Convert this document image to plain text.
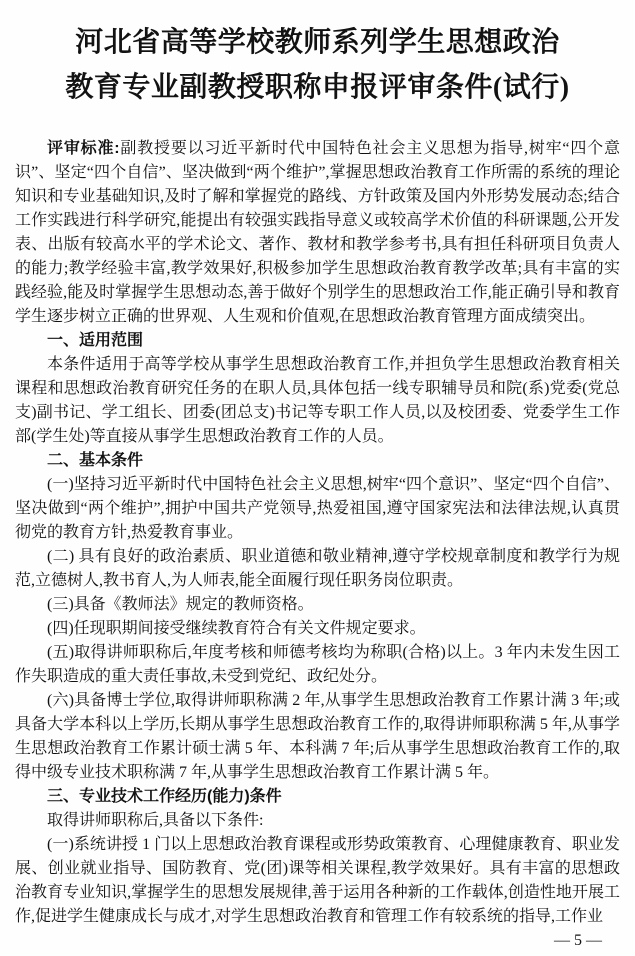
河北省高等学校教师系列学生思想政治
教育专业副教授职称申报评审条件(试行)

评审标准:副教授要以习近平新时代中国特色社会主义思想为指导,树牢“四个意识”、坚定“四个自信”、坚决做到“两个维护”,掌握思想政治教育工作所需的系统的理论知识和专业基础知识,及时了解和掌握党的路线、方针政策及国内外形势发展动态;结合工作实践进行科学研究,能提出有较强实践指导意义或较高学术价值的科研课题,公开发表、出版有较高水平的学术论文、著作、教材和教学参考书,具有担任科研项目负责人的能力;教学经验丰富,教学效果好,积极参加学生思想政治教育教学改革;具有丰富的实践经验,能及时掌握学生思想动态,善于做好个别学生的思想政治工作,能正确引导和教育学生逐步树立正确的世界观、人生观和价值观,在思想政治教育管理方面成绩突出。

一、适用范围

本条件适用于高等学校从事学生思想政治教育工作,并担负学生思想政治教育相关课程和思想政治教育研究任务的在职人员,具体包括一线专职辅导员和院(系)党委(党总支)副书记、学工组长、团委(团总支)书记等专职工作人员,以及校团委、党委学生工作部(学生处)等直接从事学生思想政治教育工作的人员。

二、基本条件

(一)坚持习近平新时代中国特色社会主义思想,树牢“四个意识”、坚定“四个自信”、坚决做到“两个维护”,拥护中国共产党领导,热爱祖国,遵守国家宪法和法律法规,认真贯彻党的教育方针,热爱教育事业。

(二) 具有良好的政治素质、职业道德和敬业精神,遵守学校规章制度和教学行为规范,立德树人,教书育人,为人师表,能全面履行现任职务岗位职责。

(三)具备《教师法》规定的教师资格。

(四)任现职期间接受继续教育符合有关文件规定要求。

(五)取得讲师职称后,年度考核和师德考核均为称职(合格)以上。3 年内未发生因工作失职造成的重大责任事故,未受到党纪、政纪处分。

(六)具备博士学位,取得讲师职称满 2 年,从事学生思想政治教育工作累计满 3 年;或具备大学本科以上学历,长期从事学生思想政治教育工作的,取得讲师职称满 5 年,从事学生思想政治教育工作累计硕士满 5 年、本科满 7 年;后从事学生思想政治教育工作的,取得中级专业技术职称满 7 年,从事学生思想政治教育工作累计满 5 年。

三、专业技术工作经历(能力)条件

取得讲师职称后,具备以下条件:

(一)系统讲授 1 门以上思想政治教育课程或形势政策教育、心理健康教育、职业发展、创业就业指导、国防教育、党(团)课等相关课程,教学效果好。具有丰富的思想政治教育专业知识,掌握学生的思想发展规律,善于运用各种新的工作载体,创造性地开展工作,促进学生健康成长与成才,对学生思想政治教育和管理工作有较系统的指导,工作业

— 5 —
